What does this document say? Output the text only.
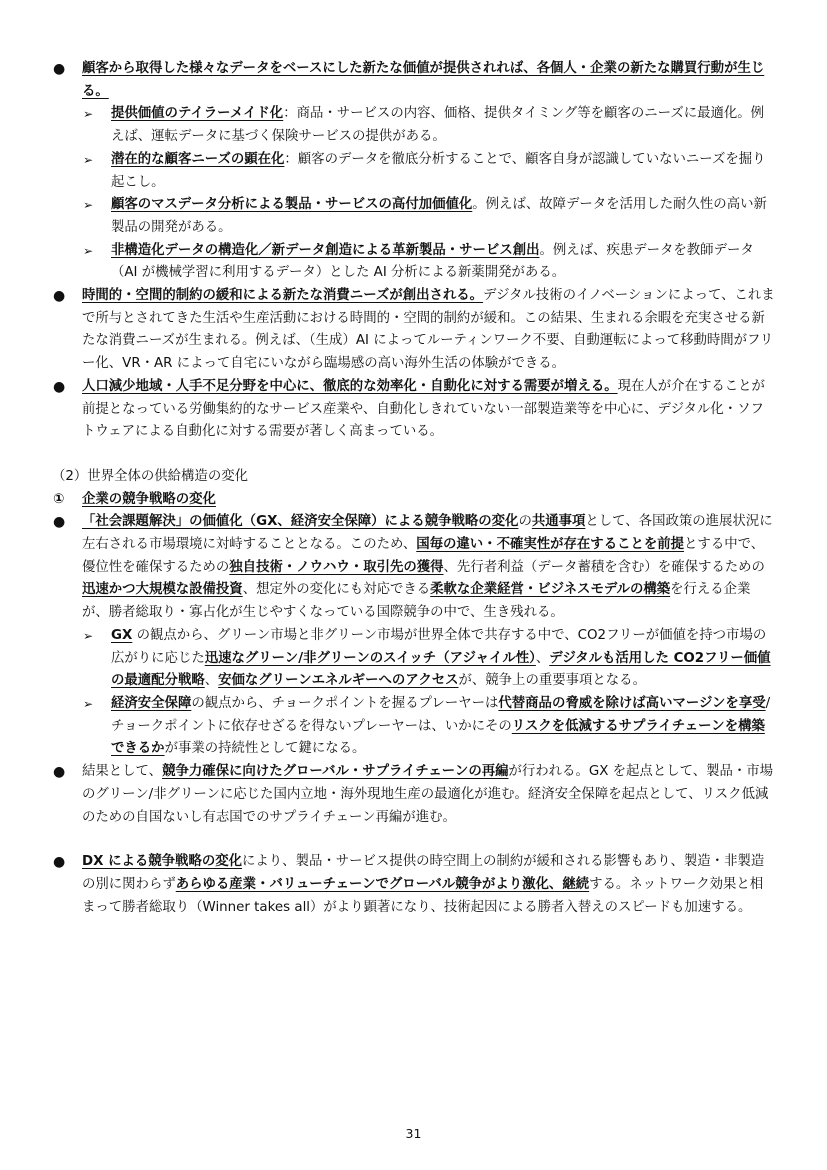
● 顧客から取得した様々なデータをベースにした新たな価値が提供されれば、各個人・企業の新たな購買行動が生じる。
➢ 提供価値のテイラーメイド化：商品・サービスの内容、価格、提供タイミング等を顧客のニーズに最適化。例えば、運転データに基づく保険サービスの提供がある。
➢ 潜在的な顧客ニーズの顕在化：顧客のデータを徹底分析することで、顧客自身が認識していないニーズを掘り起こし。
➢ 顧客のマスデータ分析による製品・サービスの高付加価値化。例えば、故障データを活用した耐久性の高い新製品の開発がある。
➢ 非構造化データの構造化／新データ創造による革新製品・サービス創出。例えば、疾患データを教師データ（AI が機械学習に利用するデータ）とした AI 分析による新薬開発がある。
● 時間的・空間的制約の緩和による新たな消費ニーズが創出される。デジタル技術のイノベーションによって、これまで所与とされてきた生活や生産活動における時間的・空間的制約が緩和。この結果、生まれる余暇を充実させる新たな消費ニーズが生まれる。例えば、（生成）AI によってルーティンワーク不要、自動運転によって移動時間がフリー化、VR・AR によって自宅にいながら臨場感の高い海外生活の体験ができる。
● 人口減少地域・人手不足分野を中心に、徹底的な効率化・自動化に対する需要が増える。現在人が介在することが前提となっている労働集約的なサービス産業や、自動化しきれていない一部製造業等を中心に、デジタル化・ソフトウェアによる自動化に対する需要が著しく高まっている。
（2）世界全体の供給構造の変化
① 企業の競争戦略の変化
● 「社会課題解決」の価値化（GX、経済安全保障）による競争戦略の変化の共通事項として、各国政策の進展状況に左右される市場環境に対峙することとなる。このため、国毎の違い・不確実性が存在することを前提とする中で、優位性を確保するための独自技術・ノウハウ・取引先の獲得、先行者利益（データ蓄積を含む）を確保するための迅速かつ大規模な設備投資、想定外の変化にも対応できる柔軟な企業経営・ビジネスモデルの構築を行える企業が、勝者総取り・寡占化が生じやすくなっている国際競争の中で、生き残れる。
➢ GX の観点から、グリーン市場と非グリーン市場が世界全体で共存する中で、CO2フリーが価値を持つ市場の広がりに応じた迅速なグリーン/非グリーンのスイッチ（アジャイル性）、デジタルも活用した CO2フリー価値の最適配分戦略、安価なグリーンエネルギーへのアクセスが、競争上の重要事項となる。
➢ 経済安全保障の観点から、チョークポイントを握るプレーヤーは代替商品の脅威を除けば高いマージンを享受/チョークポイントに依存せざるを得ないプレーヤーは、いかにそのリスクを低減するサプライチェーンを構築できるかが事業の持続性として鍵になる。
● 結果として、競争力確保に向けたグローバル・サプライチェーンの再編が行われる。GX を起点として、製品・市場のグリーン/非グリーンに応じた国内立地・海外現地生産の最適化が進む。経済安全保障を起点として、リスク低減のための自国ないし有志国でのサプライチェーン再編が進む。
● DX による競争戦略の変化により、製品・サービス提供の時空間上の制約が緩和される影響もあり、製造・非製造の別に関わらずあらゆる産業・バリューチェーンでグローバル競争がより激化、継続する。ネットワーク効果と相まって勝者総取り（Winner takes all）がより顕著になり、技術起因による勝者入替えのスピードも加速する。
31
